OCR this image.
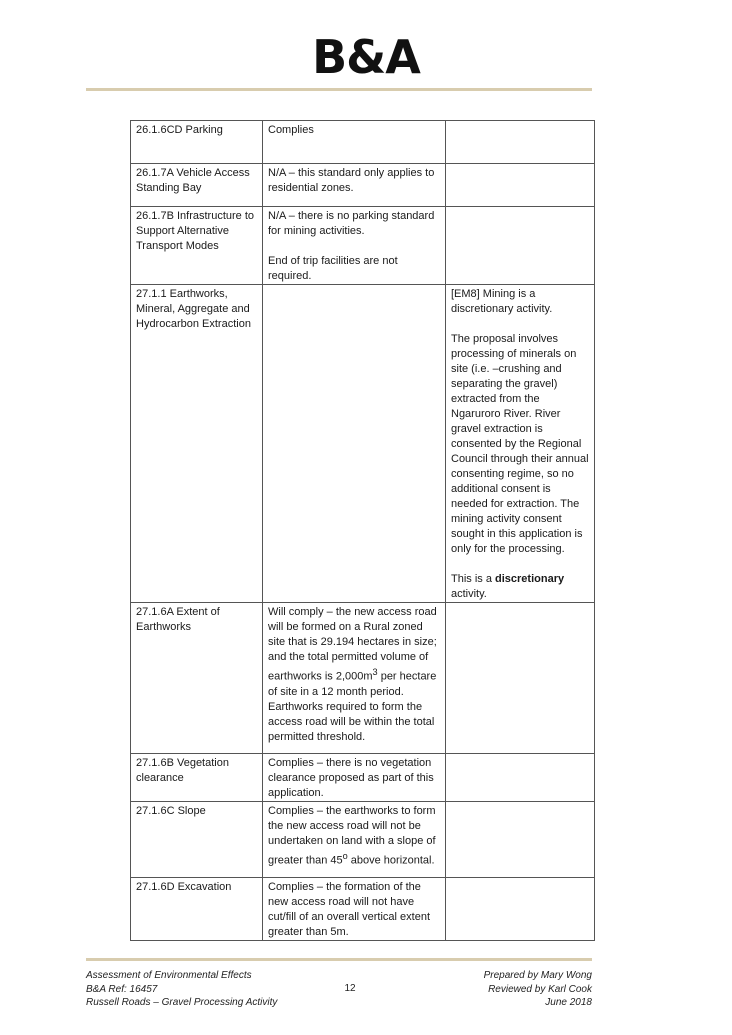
B&A
26.1.6CD Parking	Complies	

26.1.7A Vehicle Access Standing Bay	N/A – this standard only applies to residential zones.	

26.1.7B Infrastructure to Support Alternative Transport Modes	N/A – there is no parking standard for mining activities.

End of trip facilities are not required.	

27.1.1 Earthworks, Mineral, Aggregate and Hydrocarbon Extraction		[EM8] Mining is a discretionary activity.

The proposal involves processing of minerals on site (i.e. –crushing and separating the gravel) extracted from the Ngaruroro River. River gravel extraction is consented by the Regional Council through their annual consenting regime, so no additional consent is needed for extraction. The mining activity consent sought in this application is only for the processing.

This is a discretionary activity.

27.1.6A Extent of Earthworks	Will comply – the new access road will be formed on a Rural zoned site that is 29.194 hectares in size; and the total permitted volume of earthworks is $2,000m^3$ per hectare of site in a 12 month period. Earthworks required to form the access road will be within the total permitted threshold.	

27.1.6B Vegetation clearance	Complies – there is no vegetation clearance proposed as part of this application.	

27.1.6C Slope	Complies – the earthworks to form the new access road will not be undertaken on land with a slope of greater than 45$^o$ above horizontal.	

27.1.6D Excavation	Complies – the formation of the new access road will not have cut/fill of an overall vertical extent greater than 5m.	

Assessment of Environmental Effects
B&A Ref: 16457
Russell Roads – Gravel Processing Activity
12
Prepared by Mary Wong
Reviewed by Karl Cook
June 2018
